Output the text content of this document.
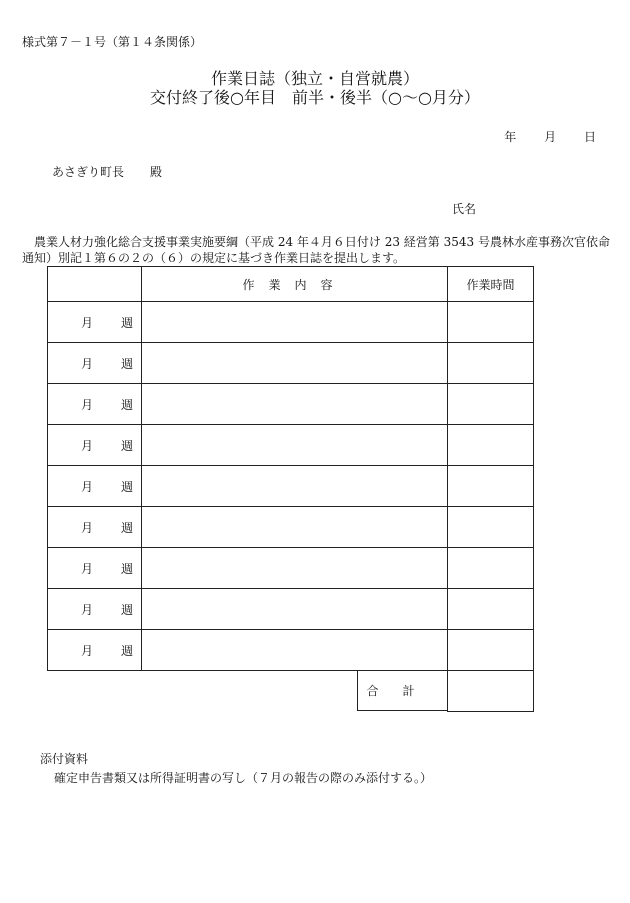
様式第７－１号（第１４条関係）
作業日誌（独立・自営就農）
交付終了後○年目　前半・後半（○～○月分）
年 月 日
あさぎり町長 殿
氏名
農業人材力強化総合支援事業実施要綱（平成 24 年４月６日付け 23 経営第 3543 号農林水産事務次官依命通知）別記１第６の２の（６）の規定に基づき作業日誌を提出します。
	作業内容	作業時間
月 週		
月 週		
月 週		
月 週		
月 週		
月 週		
月 週		
月 週		
月 週		

	合計	

添付資料
確定申告書類又は所得証明書の写し（７月の報告の際のみ添付する。）
